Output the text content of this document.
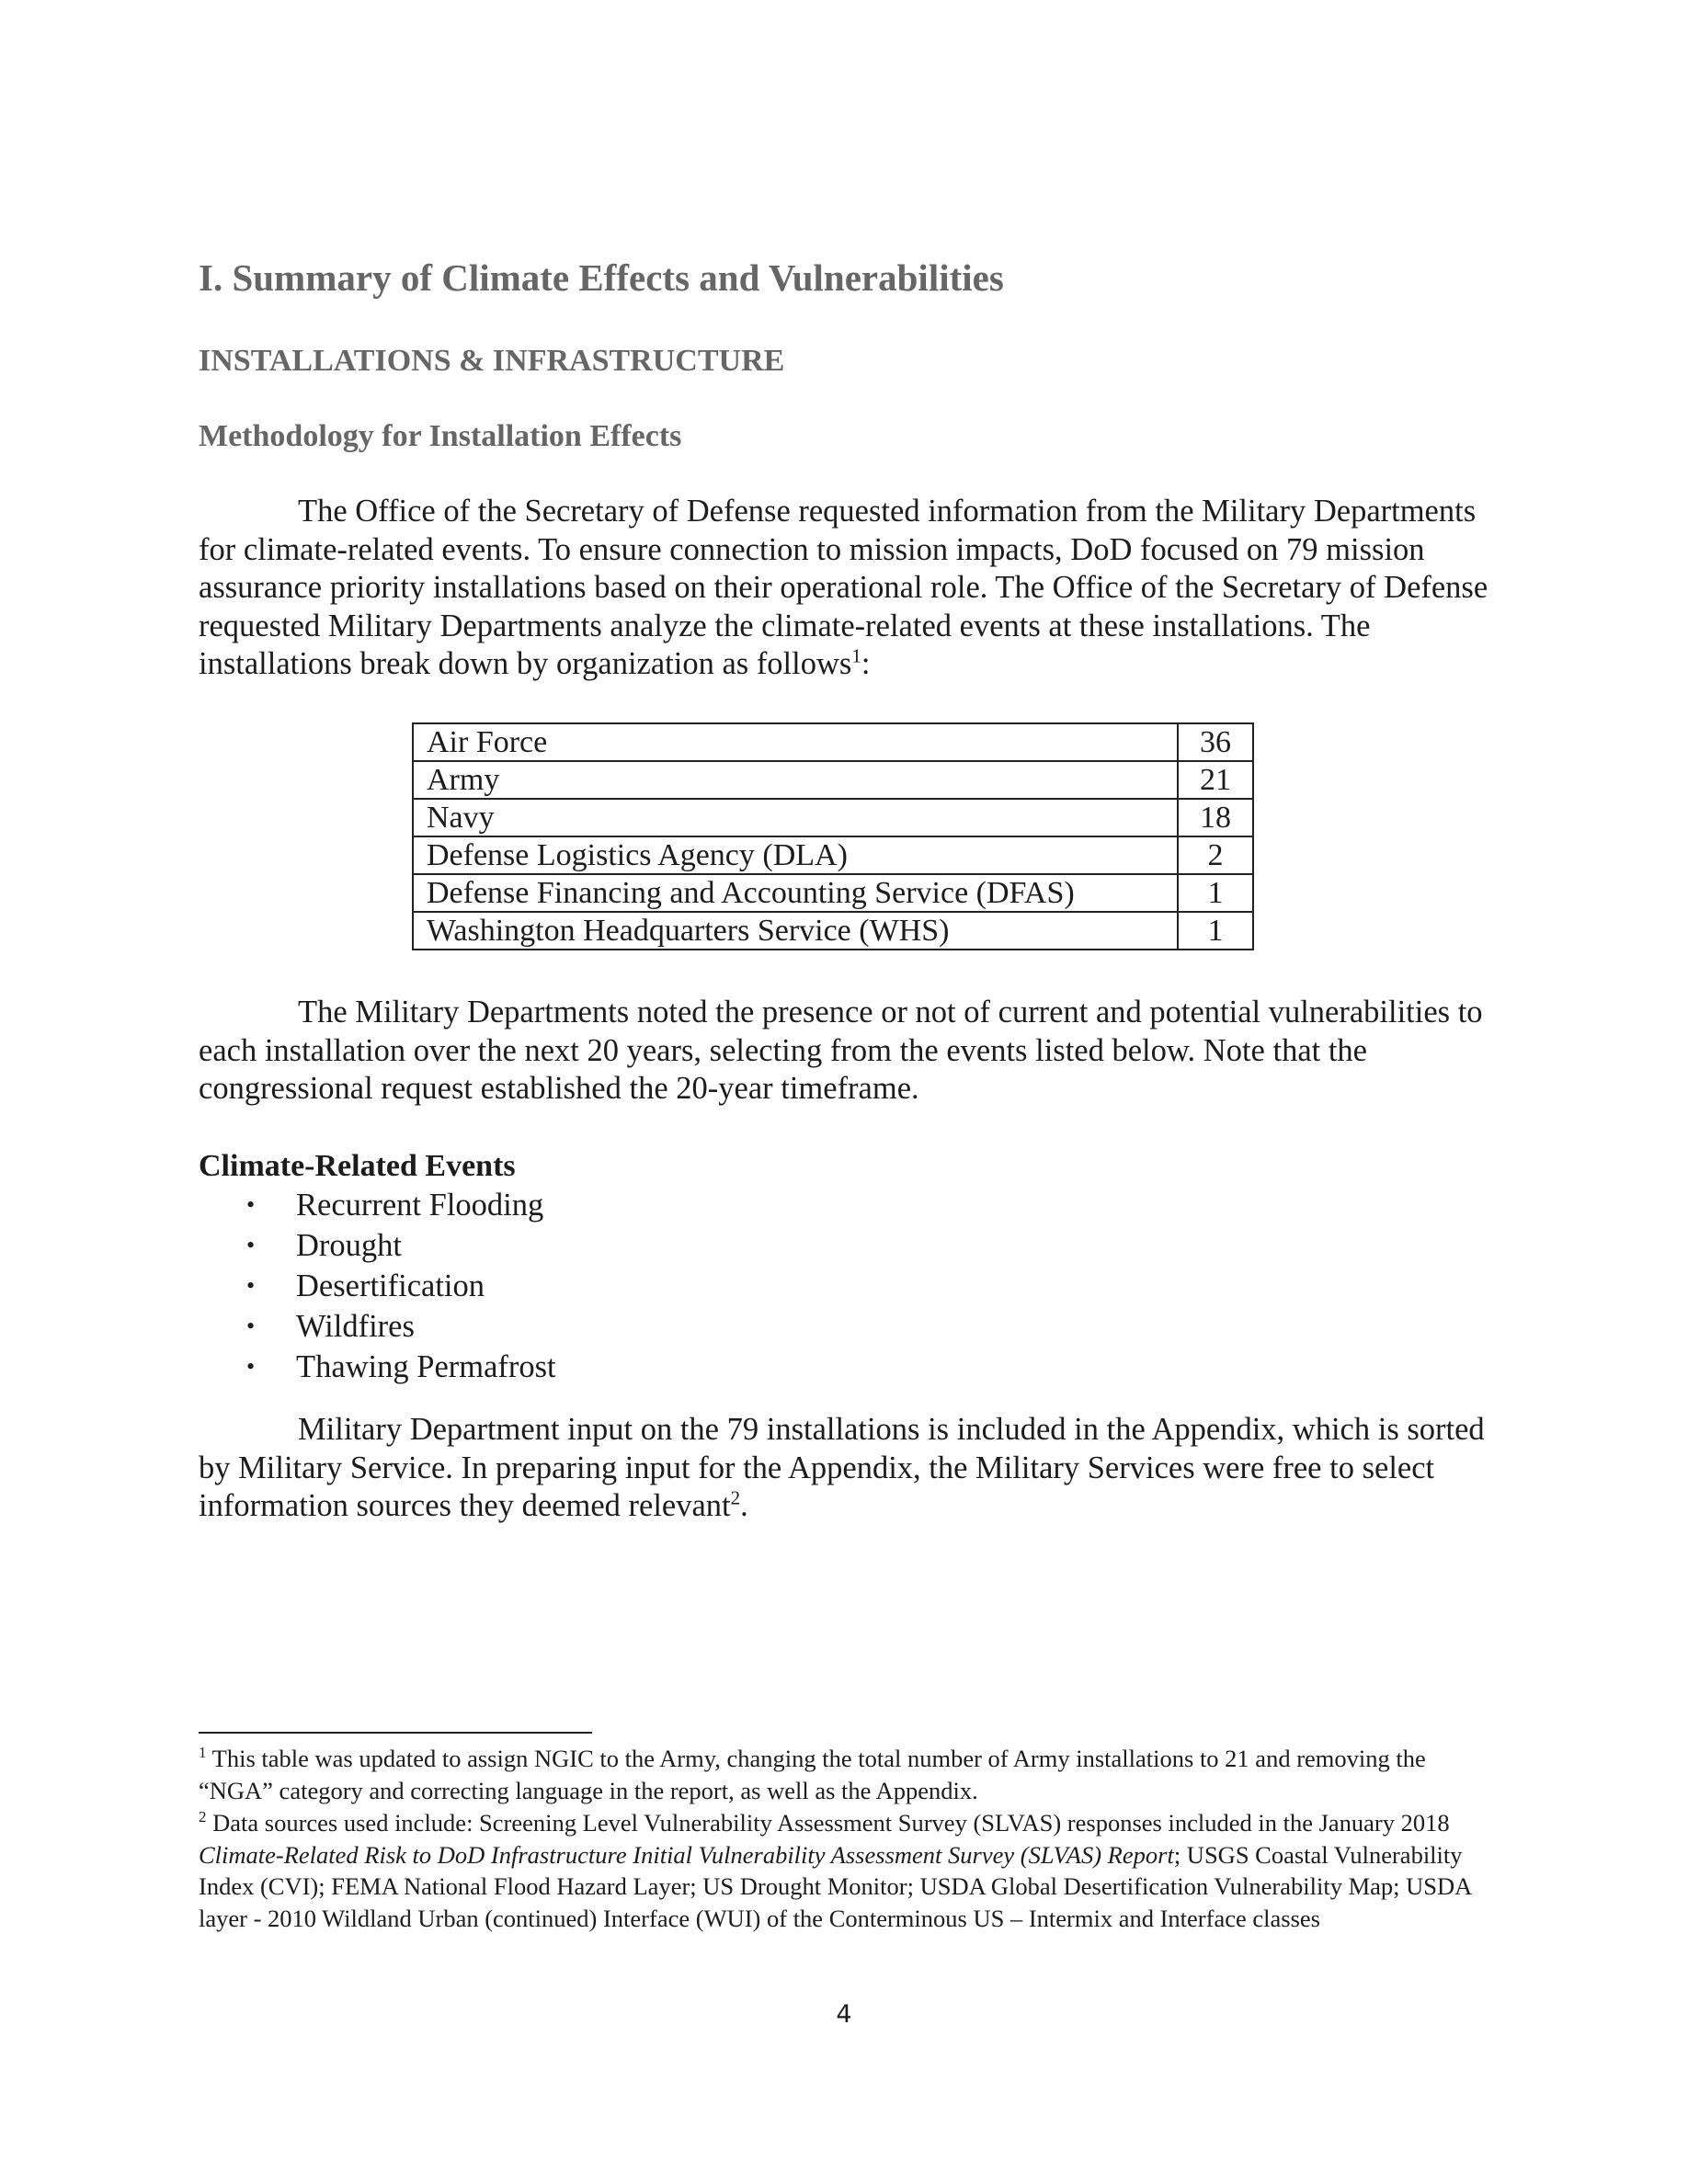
I. Summary of Climate Effects and Vulnerabilities
INSTALLATIONS & INFRASTRUCTURE
Methodology for Installation Effects

The Office of the Secretary of Defense requested information from the Military Departments for climate-related events. To ensure connection to mission impacts, DoD focused on 79 mission assurance priority installations based on their operational role. The Office of the Secretary of Defense requested Military Departments analyze the climate-related events at these installations. The installations break down by organization as follows$^1$:

Air Force	36
Army	21
Navy	18
Defense Logistics Agency (DLA)	2
Defense Financing and Accounting Service (DFAS)	1
Washington Headquarters Service (WHS)	1

The Military Departments noted the presence or not of current and potential vulnerabilities to each installation over the next 20 years, selecting from the events listed below. Note that the congressional request established the 20-year timeframe.

Climate-Related Events
• Recurrent Flooding
• Drought
• Desertification
• Wildfires
• Thawing Permafrost

Military Department input on the 79 installations is included in the Appendix, which is sorted by Military Service. In preparing input for the Appendix, the Military Services were free to select information sources they deemed relevant$^2$.

$^1$ This table was updated to assign NGIC to the Army, changing the total number of Army installations to 21 and removing the “NGA” category and correcting language in the report, as well as the Appendix.
$^2$ Data sources used include: Screening Level Vulnerability Assessment Survey (SLVAS) responses included in the January 2018 Climate-Related Risk to DoD Infrastructure Initial Vulnerability Assessment Survey (SLVAS) Report; USGS Coastal Vulnerability Index (CVI); FEMA National Flood Hazard Layer; US Drought Monitor; USDA Global Desertification Vulnerability Map; USDA layer - 2010 Wildland Urban (continued) Interface (WUI) of the Conterminous US – Intermix and Interface classes
4
